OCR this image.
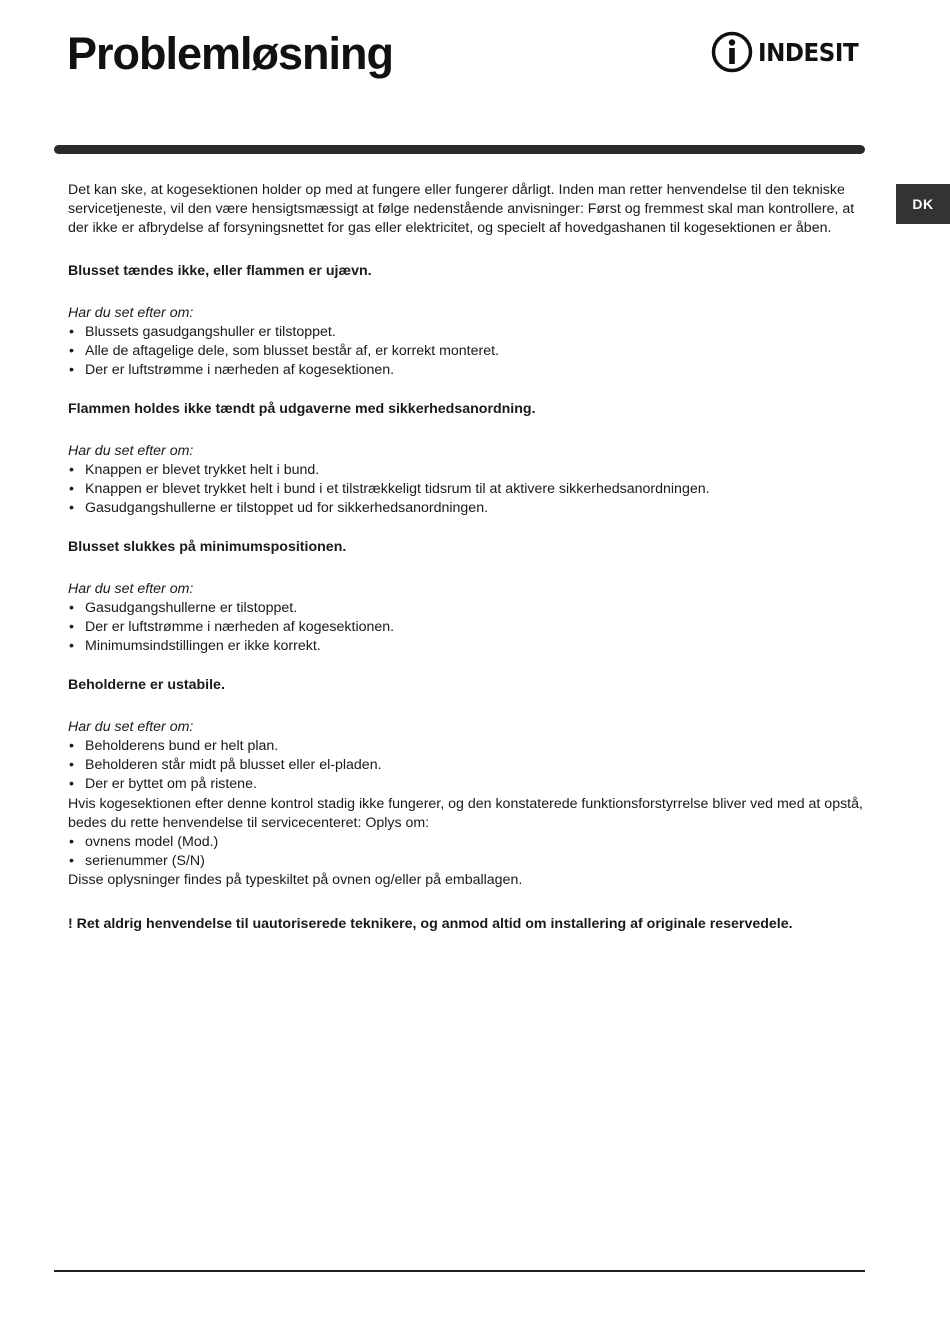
Problemløsning	INDESIT
DK

Det kan ske, at kogesektionen holder op med at fungere eller fungerer dårligt. Inden man retter henvendelse til den tekniske servicetjeneste, vil den være hensigtsmæssigt at følge nedenstående anvisninger: Først og fremmest skal man kontrollere, at der ikke er afbrydelse af forsyningsnettet for gas eller elektricitet, og specielt af hovedgashanen til kogesektionen er åben.

Blusset tændes ikke, eller flammen er ujævn.

Har du set efter om:

• Blussets gasudgangshuller er tilstoppet.
• Alle de aftagelige dele, som blusset består af, er korrekt monteret.
• Der er luftstrømme i nærheden af kogesektionen.

Flammen holdes ikke tændt på udgaverne med sikkerhedsanordning.

Har du set efter om:

• Knappen er blevet trykket helt i bund.
• Knappen er blevet trykket helt i bund i et tilstrækkeligt tidsrum til at aktivere sikkerhedsanordningen.
• Gasudgangshullerne er tilstoppet ud for sikkerhedsanordningen.

Blusset slukkes på minimumspositionen.

Har du set efter om:

• Gasudgangshullerne er tilstoppet.
• Der er luftstrømme i nærheden af kogesektionen.
• Minimumsindstillingen er ikke korrekt.

Beholderne er ustabile.

Har du set efter om:

• Beholderens bund er helt plan.
• Beholderen står midt på blusset eller el-pladen.
• Der er byttet om på ristene.

Hvis kogesektionen efter denne kontrol stadig ikke fungerer, og den konstaterede funktionsforstyrrelse bliver ved med at opstå, bedes du rette henvendelse til servicecenteret: Oplys om:

• ovnens model (Mod.)
• serienummer (S/N)

Disse oplysninger findes på typeskiltet på ovnen og/eller på emballagen.

! Ret aldrig henvendelse til uautoriserede teknikere, og anmod altid om installering af originale reservedele.
